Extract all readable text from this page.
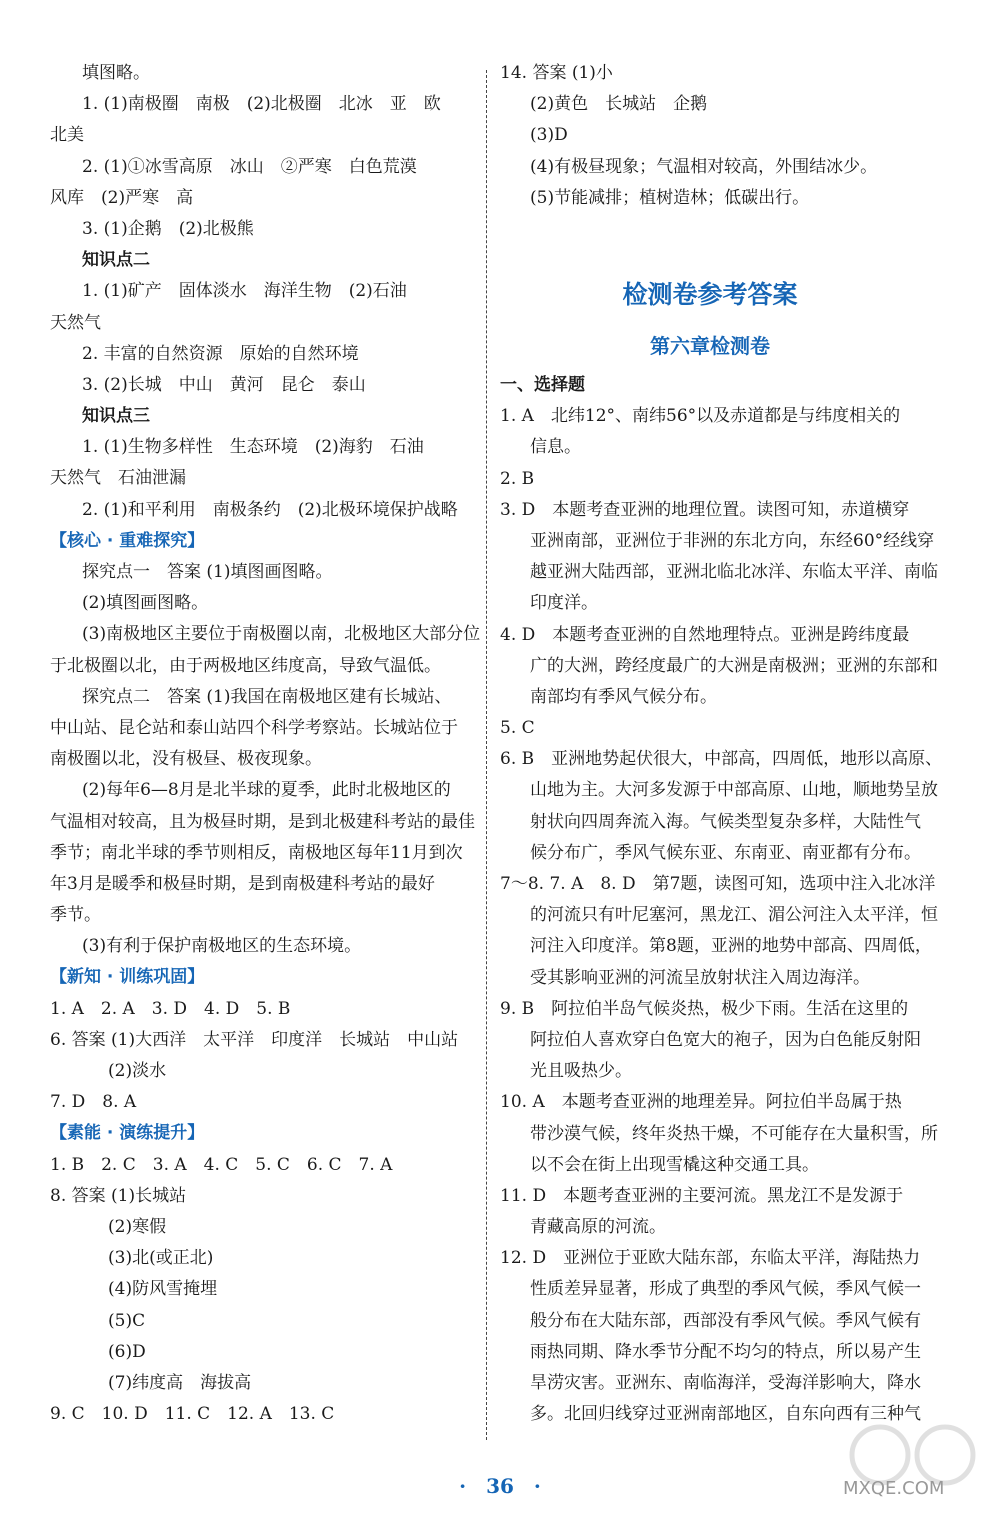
填图略。
1. (1)南极圈　南极　(2)北极圈　北冰　亚　欧
北美
2. (1)①冰雪高原　冰山　②严寒　白色荒漠
风库　(2)严寒　高
3. (1)企鹅　(2)北极熊
知识点二
1. (1)矿产　固体淡水　海洋生物　(2)石油
天然气
2. 丰富的自然资源　原始的自然环境
3. (2)长城　中山　黄河　昆仑　泰山
知识点三
1. (1)生物多样性　生态环境　(2)海豹　石油
天然气　石油泄漏
2. (1)和平利用　南极条约　(2)北极环境保护战略
【核心 · 重难探究】
探究点一　答案 (1)填图画图略。
(2)填图画图略。
(3)南极地区主要位于南极圈以南，北极地区大部分位
于北极圈以北，由于两极地区纬度高，导致气温低。
探究点二　答案 (1)我国在南极地区建有长城站、
中山站、昆仑站和泰山站四个科学考察站。长城站位于
南极圈以北，没有极昼、极夜现象。
(2)每年6—8月是北半球的夏季，此时北极地区的
气温相对较高，且为极昼时期，是到北极建科考站的最佳
季节；南北半球的季节则相反，南极地区每年11月到次
年3月是暖季和极昼时期，是到南极建科考站的最好
季节。
(3)有利于保护南极地区的生态环境。
【新知 · 训练巩固】
1. A　2. A　3. D　4. D　5. B
6. 答案 (1)大西洋　太平洋　印度洋　长城站　中山站
(2)淡水
7. D　8. A
【素能 · 演练提升】
1. B　2. C　3. A　4. C　5. C　6. C　7. A
8. 答案 (1)长城站
(2)寒假
(3)北(或正北)
(4)防风雪掩埋
(5)C
(6)D
(7)纬度高　海拔高
9. C　10. D　11. C　12. A　13. C
14. 答案 (1)小
(2)黄色　长城站　企鹅
(3)D
(4)有极昼现象；气温相对较高，外围结冰少。
(5)节能减排；植树造林；低碳出行。
检测卷参考答案
第六章检测卷
一、选择题
1. A　北纬12°、南纬56°以及赤道都是与纬度相关的
信息。
2. B
3. D　本题考查亚洲的地理位置。读图可知，赤道横穿
亚洲南部，亚洲位于非洲的东北方向，东经60°经线穿
越亚洲大陆西部，亚洲北临北冰洋、东临太平洋、南临
印度洋。
4. D　本题考查亚洲的自然地理特点。亚洲是跨纬度最
广的大洲，跨经度最广的大洲是南极洲；亚洲的东部和
南部均有季风气候分布。
5. C
6. B　亚洲地势起伏很大，中部高，四周低，地形以高原、
山地为主。大河多发源于中部高原、山地，顺地势呈放
射状向四周奔流入海。气候类型复杂多样，大陆性气
候分布广，季风气候东亚、东南亚、南亚都有分布。
7～8. 7. A　8. D　第7题，读图可知，选项中注入北冰洋
的河流只有叶尼塞河，黑龙江、湄公河注入太平洋，恒
河注入印度洋。第8题，亚洲的地势中部高、四周低，
受其影响亚洲的河流呈放射状注入周边海洋。
9. B　阿拉伯半岛气候炎热，极少下雨。生活在这里的
阿拉伯人喜欢穿白色宽大的袍子，因为白色能反射阳
光且吸热少。
10. A　本题考查亚洲的地理差异。阿拉伯半岛属于热
带沙漠气候，终年炎热干燥，不可能存在大量积雪，所
以不会在街上出现雪橇这种交通工具。
11. D　本题考查亚洲的主要河流。黑龙江不是发源于
青藏高原的河流。
12. D　亚洲位于亚欧大陆东部，东临太平洋，海陆热力
性质差异显著，形成了典型的季风气候，季风气候一
般分布在大陆东部，西部没有季风气候。季风气候有
雨热同期、降水季节分配不均匀的特点，所以易产生
旱涝灾害。亚洲东、南临海洋，受海洋影响大，降水
多。北回归线穿过亚洲南部地区，自东向西有三种气
·　36　·	MXQE.COM
